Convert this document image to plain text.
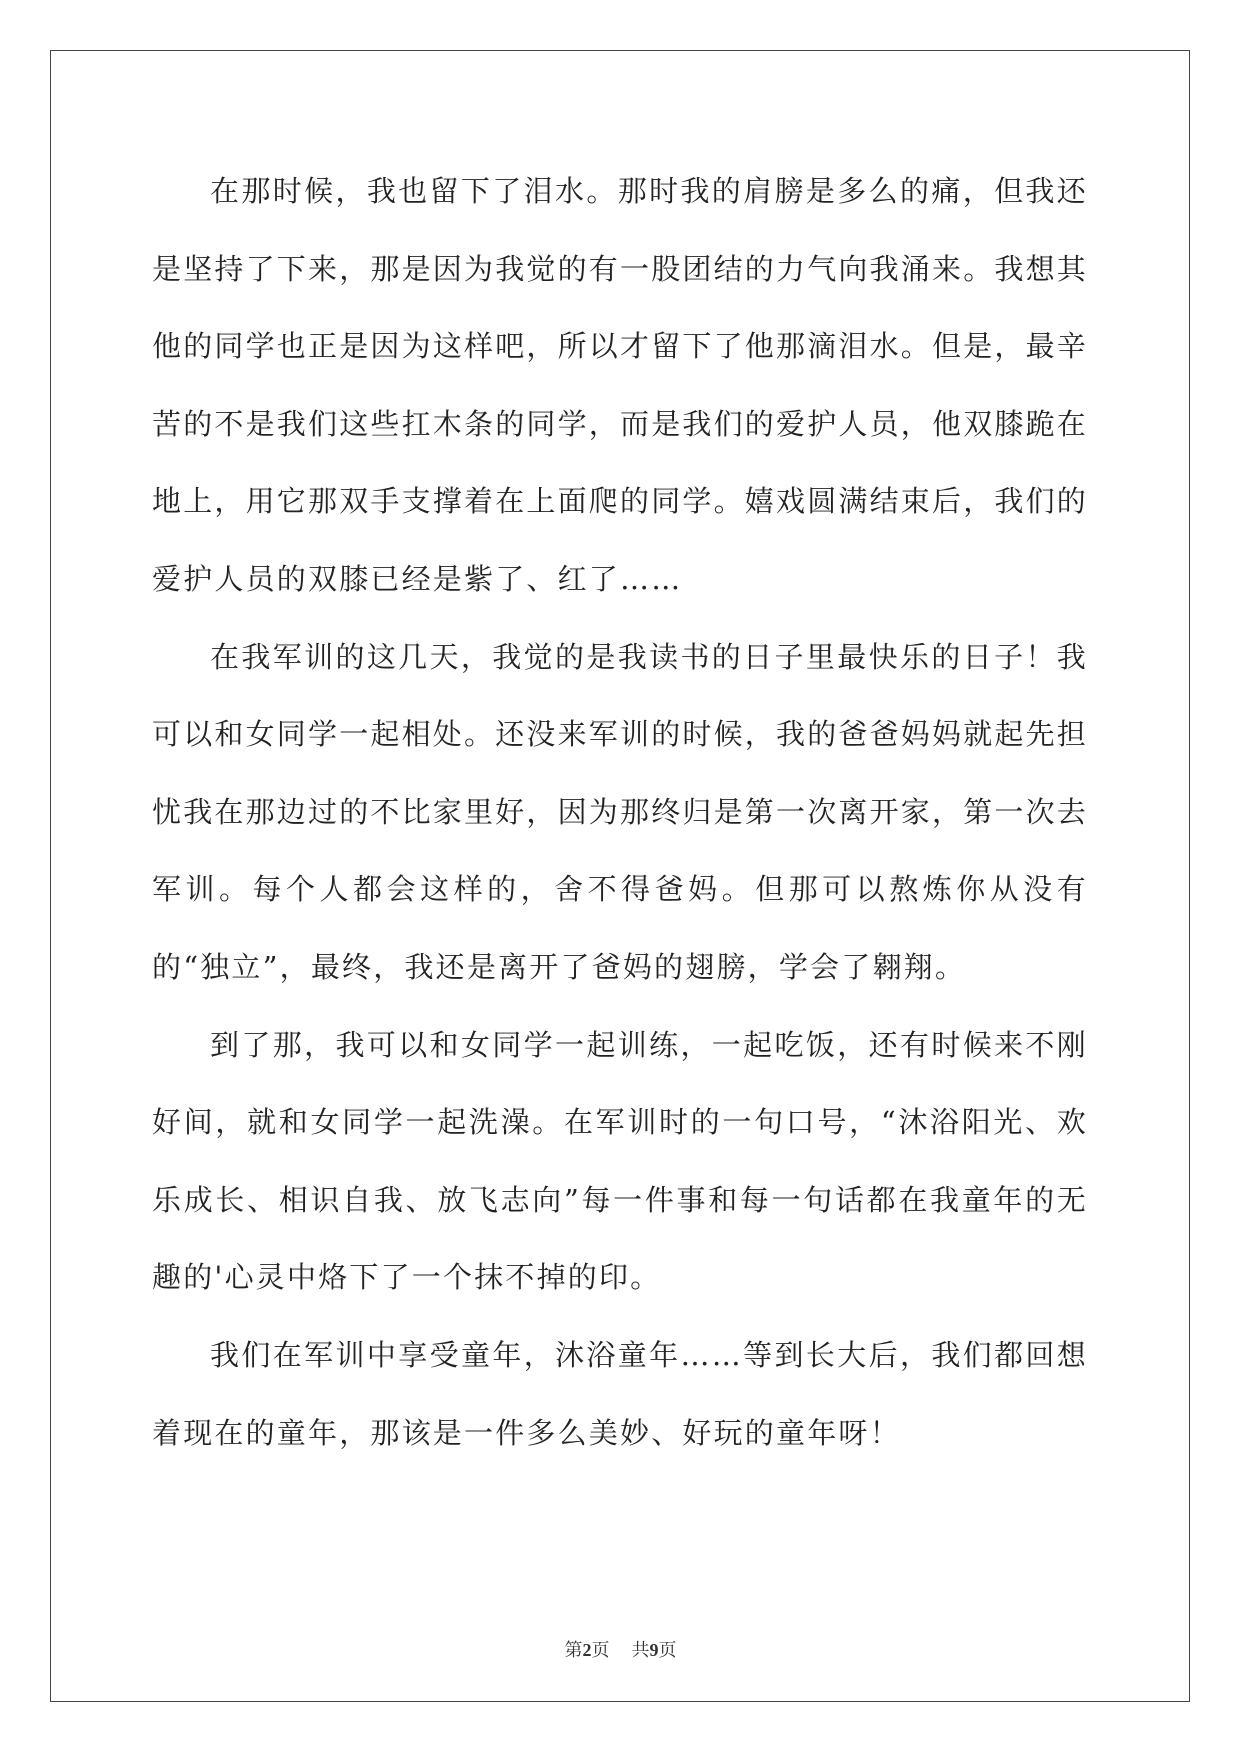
在那时候，我也留下了泪水。那时我的肩膀是多么的痛，但我还是坚持了下来，那是因为我觉的有一股团结的力气向我涌来。我想其他的同学也正是因为这样吧，所以才留下了他那滴泪水。但是，最辛苦的不是我们这些扛木条的同学，而是我们的爱护人员，他双膝跪在地上，用它那双手支撑着在上面爬的同学。嬉戏圆满结束后，我们的爱护人员的双膝已经是紫了、红了……

在我军训的这几天，我觉的是我读书的日子里最快乐的日子！我可以和女同学一起相处。还没来军训的时候，我的爸爸妈妈就起先担忧我在那边过的不比家里好，因为那终归是第一次离开家，第一次去军训。每个人都会这样的，舍不得爸妈。但那可以熬炼你从没有的“独立”，最终，我还是离开了爸妈的翅膀，学会了翱翔。

到了那，我可以和女同学一起训练，一起吃饭，还有时候来不刚好间，就和女同学一起洗澡。在军训时的一句口号，“沐浴阳光、欢乐成长、相识自我、放飞志向”每一件事和每一句话都在我童年的无趣的'心灵中烙下了一个抹不掉的印。

我们在军训中享受童年，沐浴童年……等到长大后，我们都回想着现在的童年，那该是一件多么美妙、好玩的童年呀！

第2页 共9页
